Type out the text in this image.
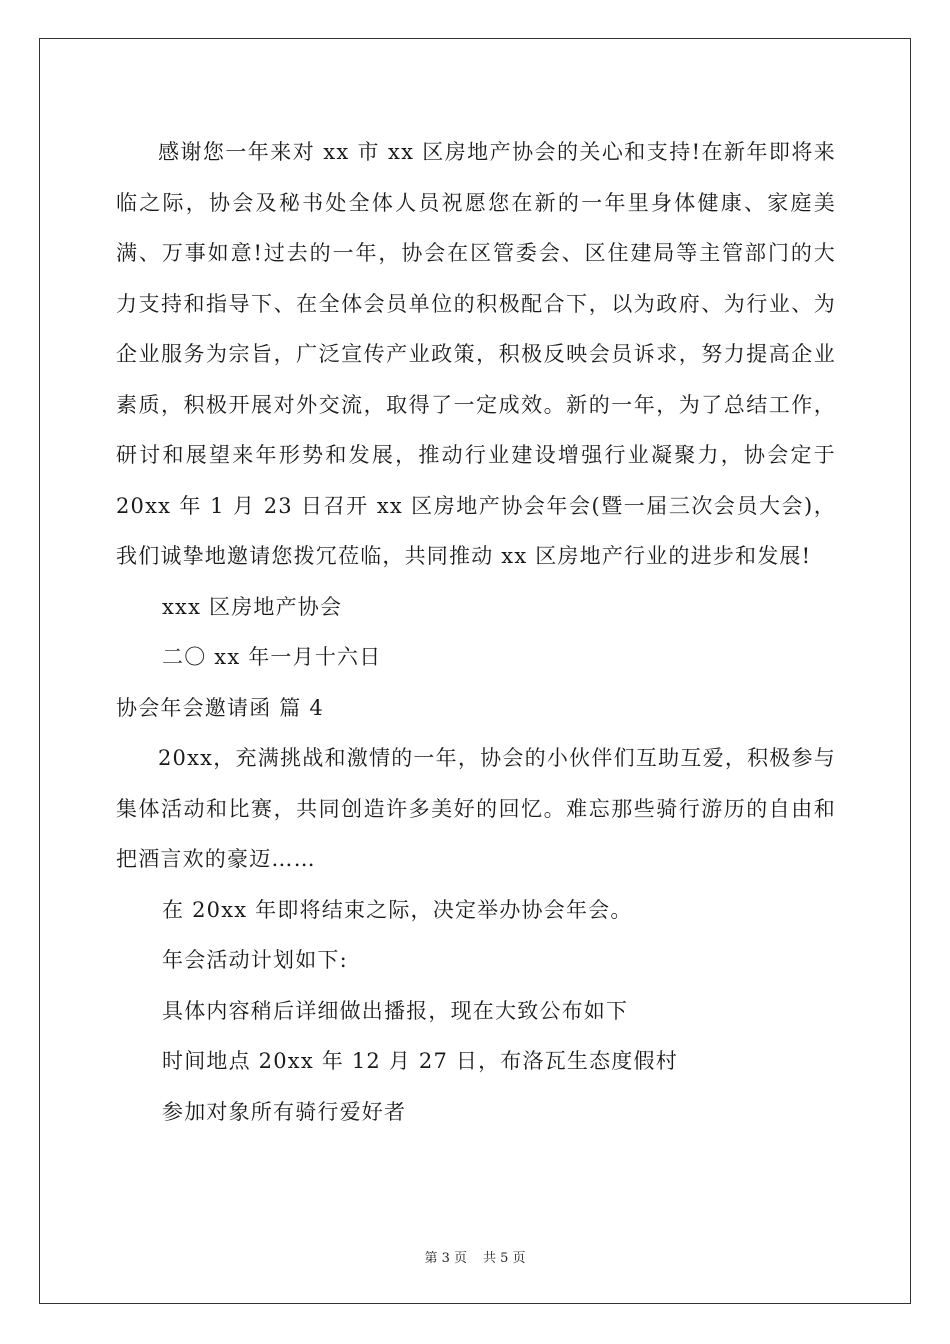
感谢您一年来对 xx 市 xx 区房地产协会的关心和支持!在新年即将来临之际，协会及秘书处全体人员祝愿您在新的一年里身体健康、家庭美满、万事如意!过去的一年，协会在区管委会、区住建局等主管部门的大力支持和指导下、在全体会员单位的积极配合下，以为政府、为行业、为企业服务为宗旨，广泛宣传产业政策，积极反映会员诉求，努力提高企业素质，积极开展对外交流，取得了一定成效。新的一年，为了总结工作，研讨和展望来年形势和发展，推动行业建设增强行业凝聚力，协会定于 20xx 年 1 月 23 日召开 xx 区房地产协会年会(暨一届三次会员大会)，我们诚挚地邀请您拨冗莅临，共同推动 xx 区房地产行业的进步和发展!

xxx 区房地产协会

二〇 xx 年一月十六日

协会年会邀请函 篇 4

20xx，充满挑战和激情的一年，协会的小伙伴们互助互爱，积极参与集体活动和比赛，共同创造许多美好的回忆。难忘那些骑行游历的自由和把酒言欢的豪迈……

在 20xx 年即将结束之际，决定举办协会年会。

年会活动计划如下:

具体内容稍后详细做出播报，现在大致公布如下

时间地点 20xx 年 12 月 27 日，布洛瓦生态度假村

参加对象所有骑行爱好者

第 3 页 共 5 页
